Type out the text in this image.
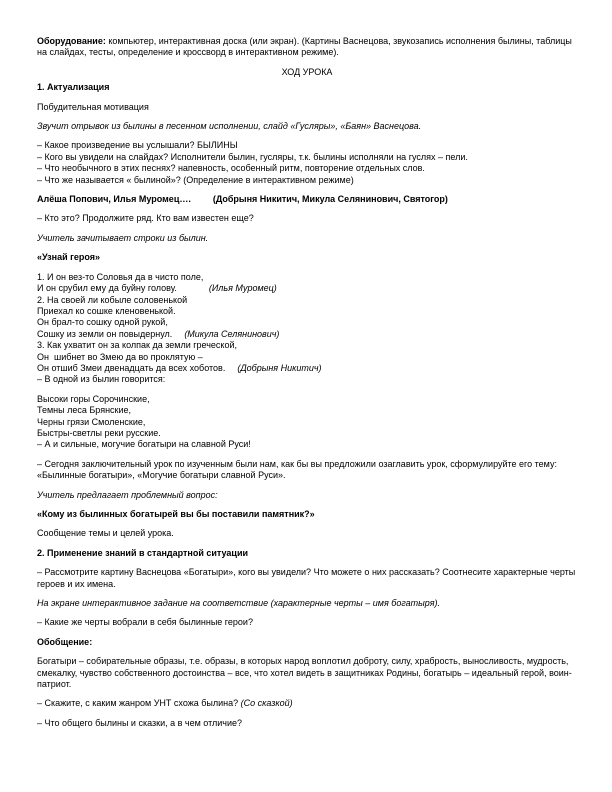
Оборудование: компьютер, интерактивная доска (или экран). (Картины Васнецова, звукозапись исполнения былины, таблицы на слайдах, тесты, определение и кроссворд в интерактивном режиме).

ХОД УРОКА

1. Актуализация

Побудительная мотивация

Звучит отрывок из былины в песенном исполнении, слайд «Гусляры», «Баян» Васнецова.

– Какое произведение вы услышали? БЫЛИНЫ
– Кого вы увидели на слайдах? Исполнители былин, гусляры, т.к. былины исполняли на гуслях – пели.
– Что необычного в этих песнях? напевность, особенный ритм, повторение отдельных слов.
– Что же называется « былиной»? (Определение в интерактивном режиме)

Алёша Попович, Илья Муромец…. (Добрыня Никитич, Микула Селянинович, Святогор)

– Кто это? Продолжите ряд. Кто вам известен еще?

Учитель зачитывает строки из былин.

«Узнай героя»

1. И он вез-то Соловья да в чисто поле,
И он срубил ему да буйну голову.	(Илья Муромец)
2. На своей ли кобыле соловенькой
Приехал ко сошке кленовенькой.
Он брал-то сошку одной рукой,
Сошку из земли он повыдернул. (Микула Селянинович)
3. Как ухватит он за колпак да земли греческой,
Он  шибнет во Змею да во проклятую –
Он отшиб Змеи двенадцать да всех хоботов. (Добрыня Никитич)
– В одной из былин говорится:
Высоки горы Сорочинские,
Темны леса Брянские,
Черны грязи Смоленские,
Быстры-светлы реки русские.
– А и сильные, могучие богатыри на славной Руси!

– Сегодня заключительный урок по изученным были нам, как бы вы предложили озаглавить урок, сформулируйте его тему: «Былинные богатыри», «Могучие богатыри славной Руси».

Учитель предлагает проблемный вопрос:

«Кому из былинных богатырей вы бы поставили памятник?»

Сообщение темы и целей урока.

2. Применение знаний в стандартной ситуации

– Рассмотрите картину Васнецова «Богатыри», кого вы увидели? Что можете о них рассказать? Соотнесите характерные черты героев и их имена.

На экране интерактивное задание на соответствие (характерные черты – имя богатыря).

– Какие же черты вобрали в себя былинные герои?

Обобщение:

Богатыри – собирательные образы, т.е. образы, в которых народ воплотил доброту, силу, храбрость, выносливость, мудрость, смекалку, чувство собственного достоинства – все, что хотел видеть в защитниках Родины, богатырь – идеальный герой, воин-патриот.

– Скажите, с каким жанром УНТ схожа былина? (Со сказкой)

– Что общего былины и сказки, а в чем отличие?
